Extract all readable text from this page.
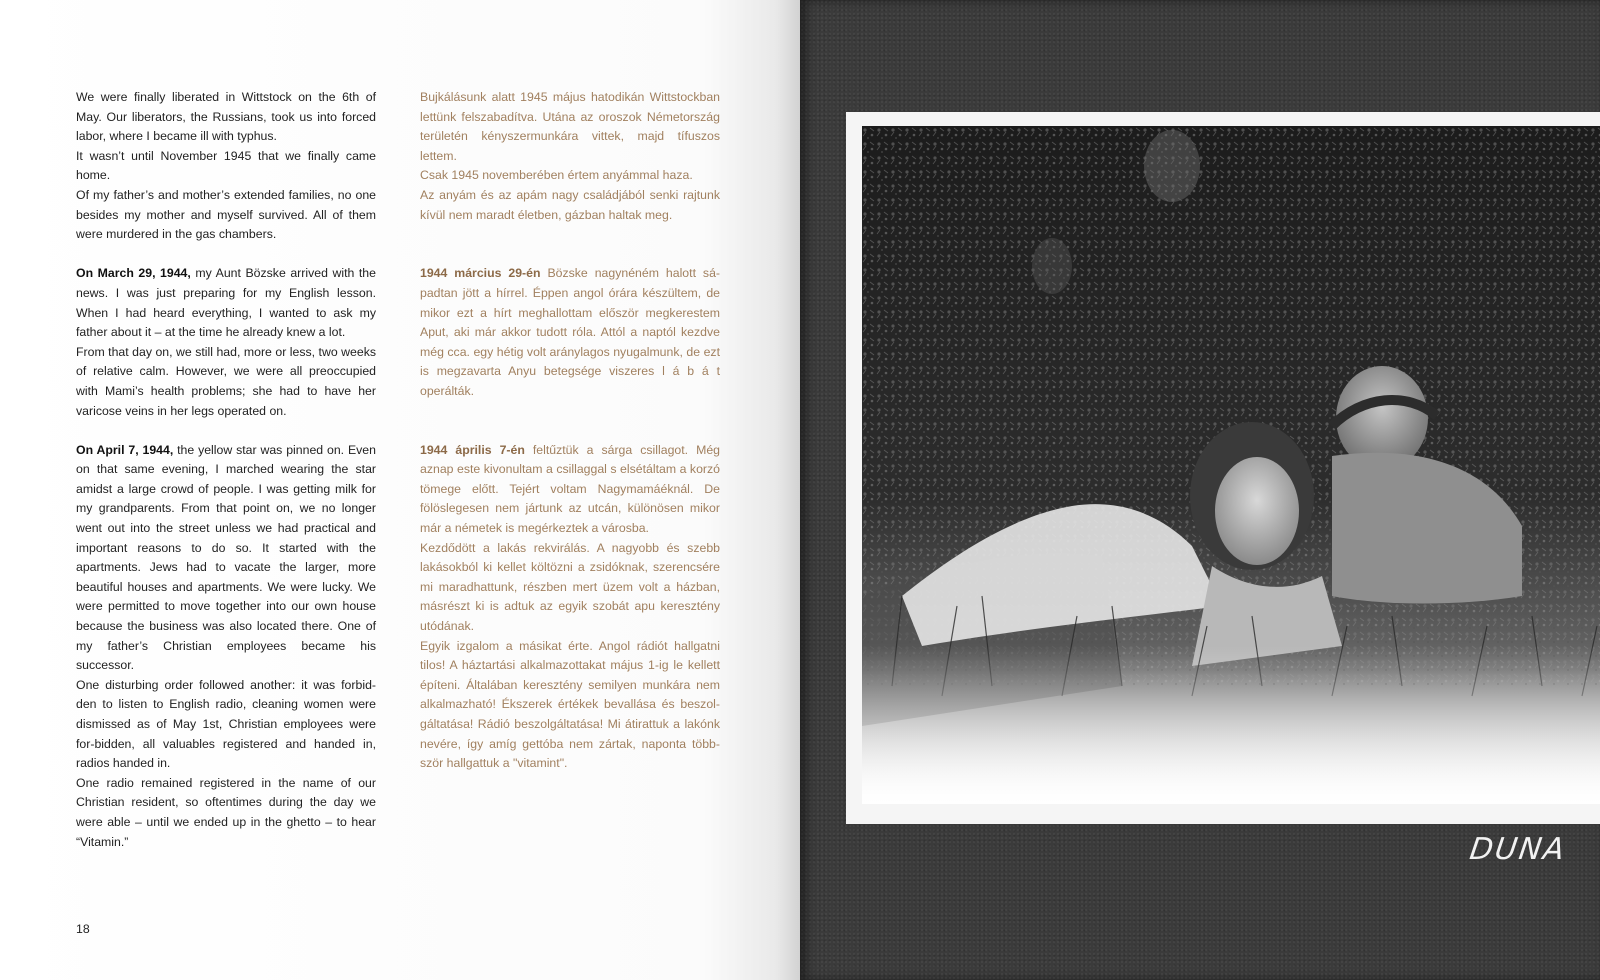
We were finally liberated in Wittstock on the 6th of May. Our liberators, the Russians, took us into forced labor, where I became ill with typhus.

It wasn’t until November 1945 that we finally came home.

Of my father’s and mother’s extended families, no one besides my mother and myself survived. All of them were murdered in the gas chambers.

On March 29, 1944, my Aunt Bözske arrived with the news. I was just preparing for my English lesson. When I had heard everything, I wanted to ask my father about it – at the time he already knew a lot.

From that day on, we still had, more or less, two weeks of relative calm. However, we were all preoccupied with Mami’s health problems; she had to have her varicose veins in her legs operated on.

On April 7, 1944, the yellow star was pinned on. Even on that same evening, I marched wearing the star amidst a large crowd of people. I was getting milk for my grandparents. From that point on, we no longer went out into the street unless we had practical and important reasons to do so. It started with the apartments. Jews had to vacate the larger, more beautiful houses and apartments. We were lucky. We were permitted to move together into our own house because the business was also located there. One of my father’s Christian employees became his successor.

One disturbing order followed another: it was forbid-den to listen to English radio, cleaning women were dismissed as of May 1st, Christian employees were for-bidden, all valuables registered and handed in, radios handed in.

One radio remained registered in the name of our Christian resident, so oftentimes during the day we were able – until we ended up in the ghetto – to hear “Vitamin.”

Bujkálásunk alatt 1945 május hatodikán Wittstockban lettünk felszabadítva. Utána az oroszok Németország területén kényszermunkára vittek, majd tífuszos lettem.

Csak 1945 novemberében értem anyámmal haza.

Az anyám és az apám nagy családjából senki rajtunk kívül nem maradt életben, gázban haltak meg.

1944 március 29-én Bözske nagynéném halott sá-padtan jött a hírrel. Éppen angol órára készültem, de mikor ezt a hírt meghallottam először megkerestem Aput, aki már akkor tudott róla. Attól a naptól kezdve még cca. egy hétig volt aránylagos nyugalmunk, de ezt is megzavarta Anyu betegsége viszeres l á b á t operálták.

1944 április 7-én feltűztük a sárga csillagot. Még aznap este kivonultam a csillaggal s elsétáltam a korzó tömege előtt. Tejért voltam Nagymamáéknál. De fölöslegesen nem jártunk az utcán, különösen mikor már a németek is megérkeztek a városba.

Kezdődött a lakás rekvirálás. A nagyobb és szebb lakásokból ki kellet költözni a zsidóknak, szerencsére mi maradhattunk, részben mert üzem volt a házban, másrészt ki is adtuk az egyik szobát apu keresztény utódának.

Egyik izgalom a másikat érte. Angol rádiót hallgatni tilos! A háztartási alkalmazottakat május 1-ig le kellett építeni. Általában keresztény semilyen munkára nem alkalmazható! Ékszerek értékek bevallása és beszol-gáltatása! Rádió beszolgáltatása! Mi átirattuk a lakónk nevére, így amíg gettóba nem zártak, naponta több-ször hallgattuk a "vitamint".

18
DUNA
